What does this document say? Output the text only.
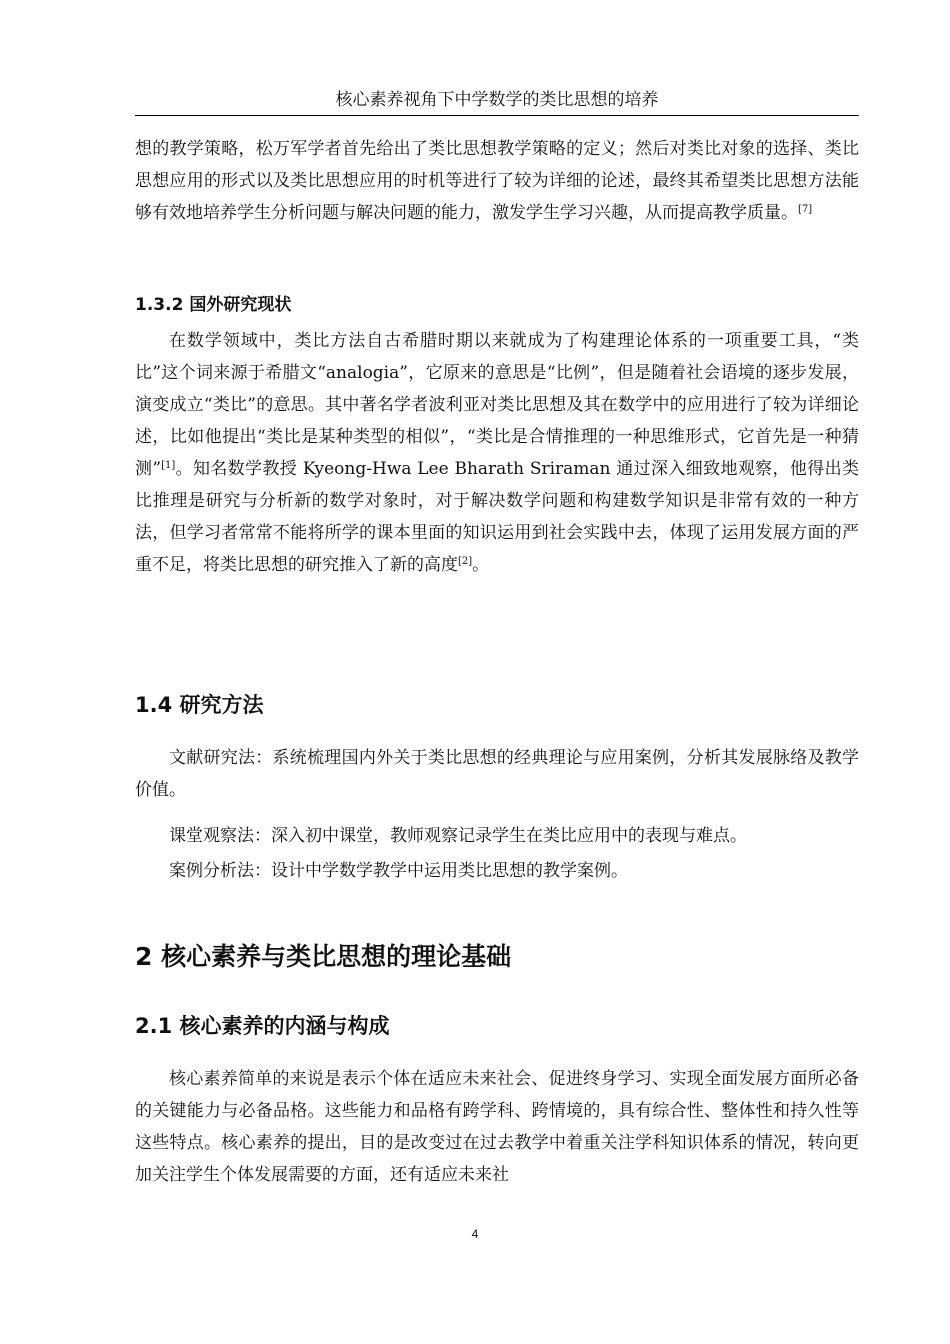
核心素养视角下中学数学的类比思想的培养

想的教学策略，松万军学者首先给出了类比思想教学策略的定义；然后对类比对象的选择、类比思想应用的形式以及类比思想应用的时机等进行了较为详细的论述，最终其希望类比思想方法能够有效地培养学生分析问题与解决问题的能力，激发学生学习兴趣，从而提高教学质量。[7]

1.3.2 国外研究现状

在数学领域中，类比方法自古希腊时期以来就成为了构建理论体系的一项重要工具，“类比”这个词来源于希腊文“analogia”，它原来的意思是“比例”，但是随着社会语境的逐步发展，演变成立“类比”的意思。其中著名学者波利亚对类比思想及其在数学中的应用进行了较为详细论述，比如他提出“类比是某种类型的相似”，“类比是合情推理的一种思维形式，它首先是一种猜测”[1]。知名数学教授 Kyeong-Hwa Lee Bharath Sriraman 通过深入细致地观察，他得出类比推理是研究与分析新的数学对象时，对于解决数学问题和构建数学知识是非常有效的一种方法，但学习者常常不能将所学的课本里面的知识运用到社会实践中去，体现了运用发展方面的严重不足，将类比思想的研究推入了新的高度[2]。

1.4 研究方法

文献研究法：系统梳理国内外关于类比思想的经典理论与应用案例，分析其发展脉络及教学价值。

课堂观察法：深入初中课堂，教师观察记录学生在类比应用中的表现与难点。

案例分析法：设计中学数学教学中运用类比思想的教学案例。

2 核心素养与类比思想的理论基础
2.1 核心素养的内涵与构成

核心素养简单的来说是表示个体在适应未来社会、促进终身学习、实现全面发展方面所必备的关键能力与必备品格。这些能力和品格有跨学科、跨情境的，具有综合性、整体性和持久性等这些特点。核心素养的提出，目的是改变过在过去教学中着重关注学科知识体系的情况，转向更加关注学生个体发展需要的方面，还有适应未来社

4
